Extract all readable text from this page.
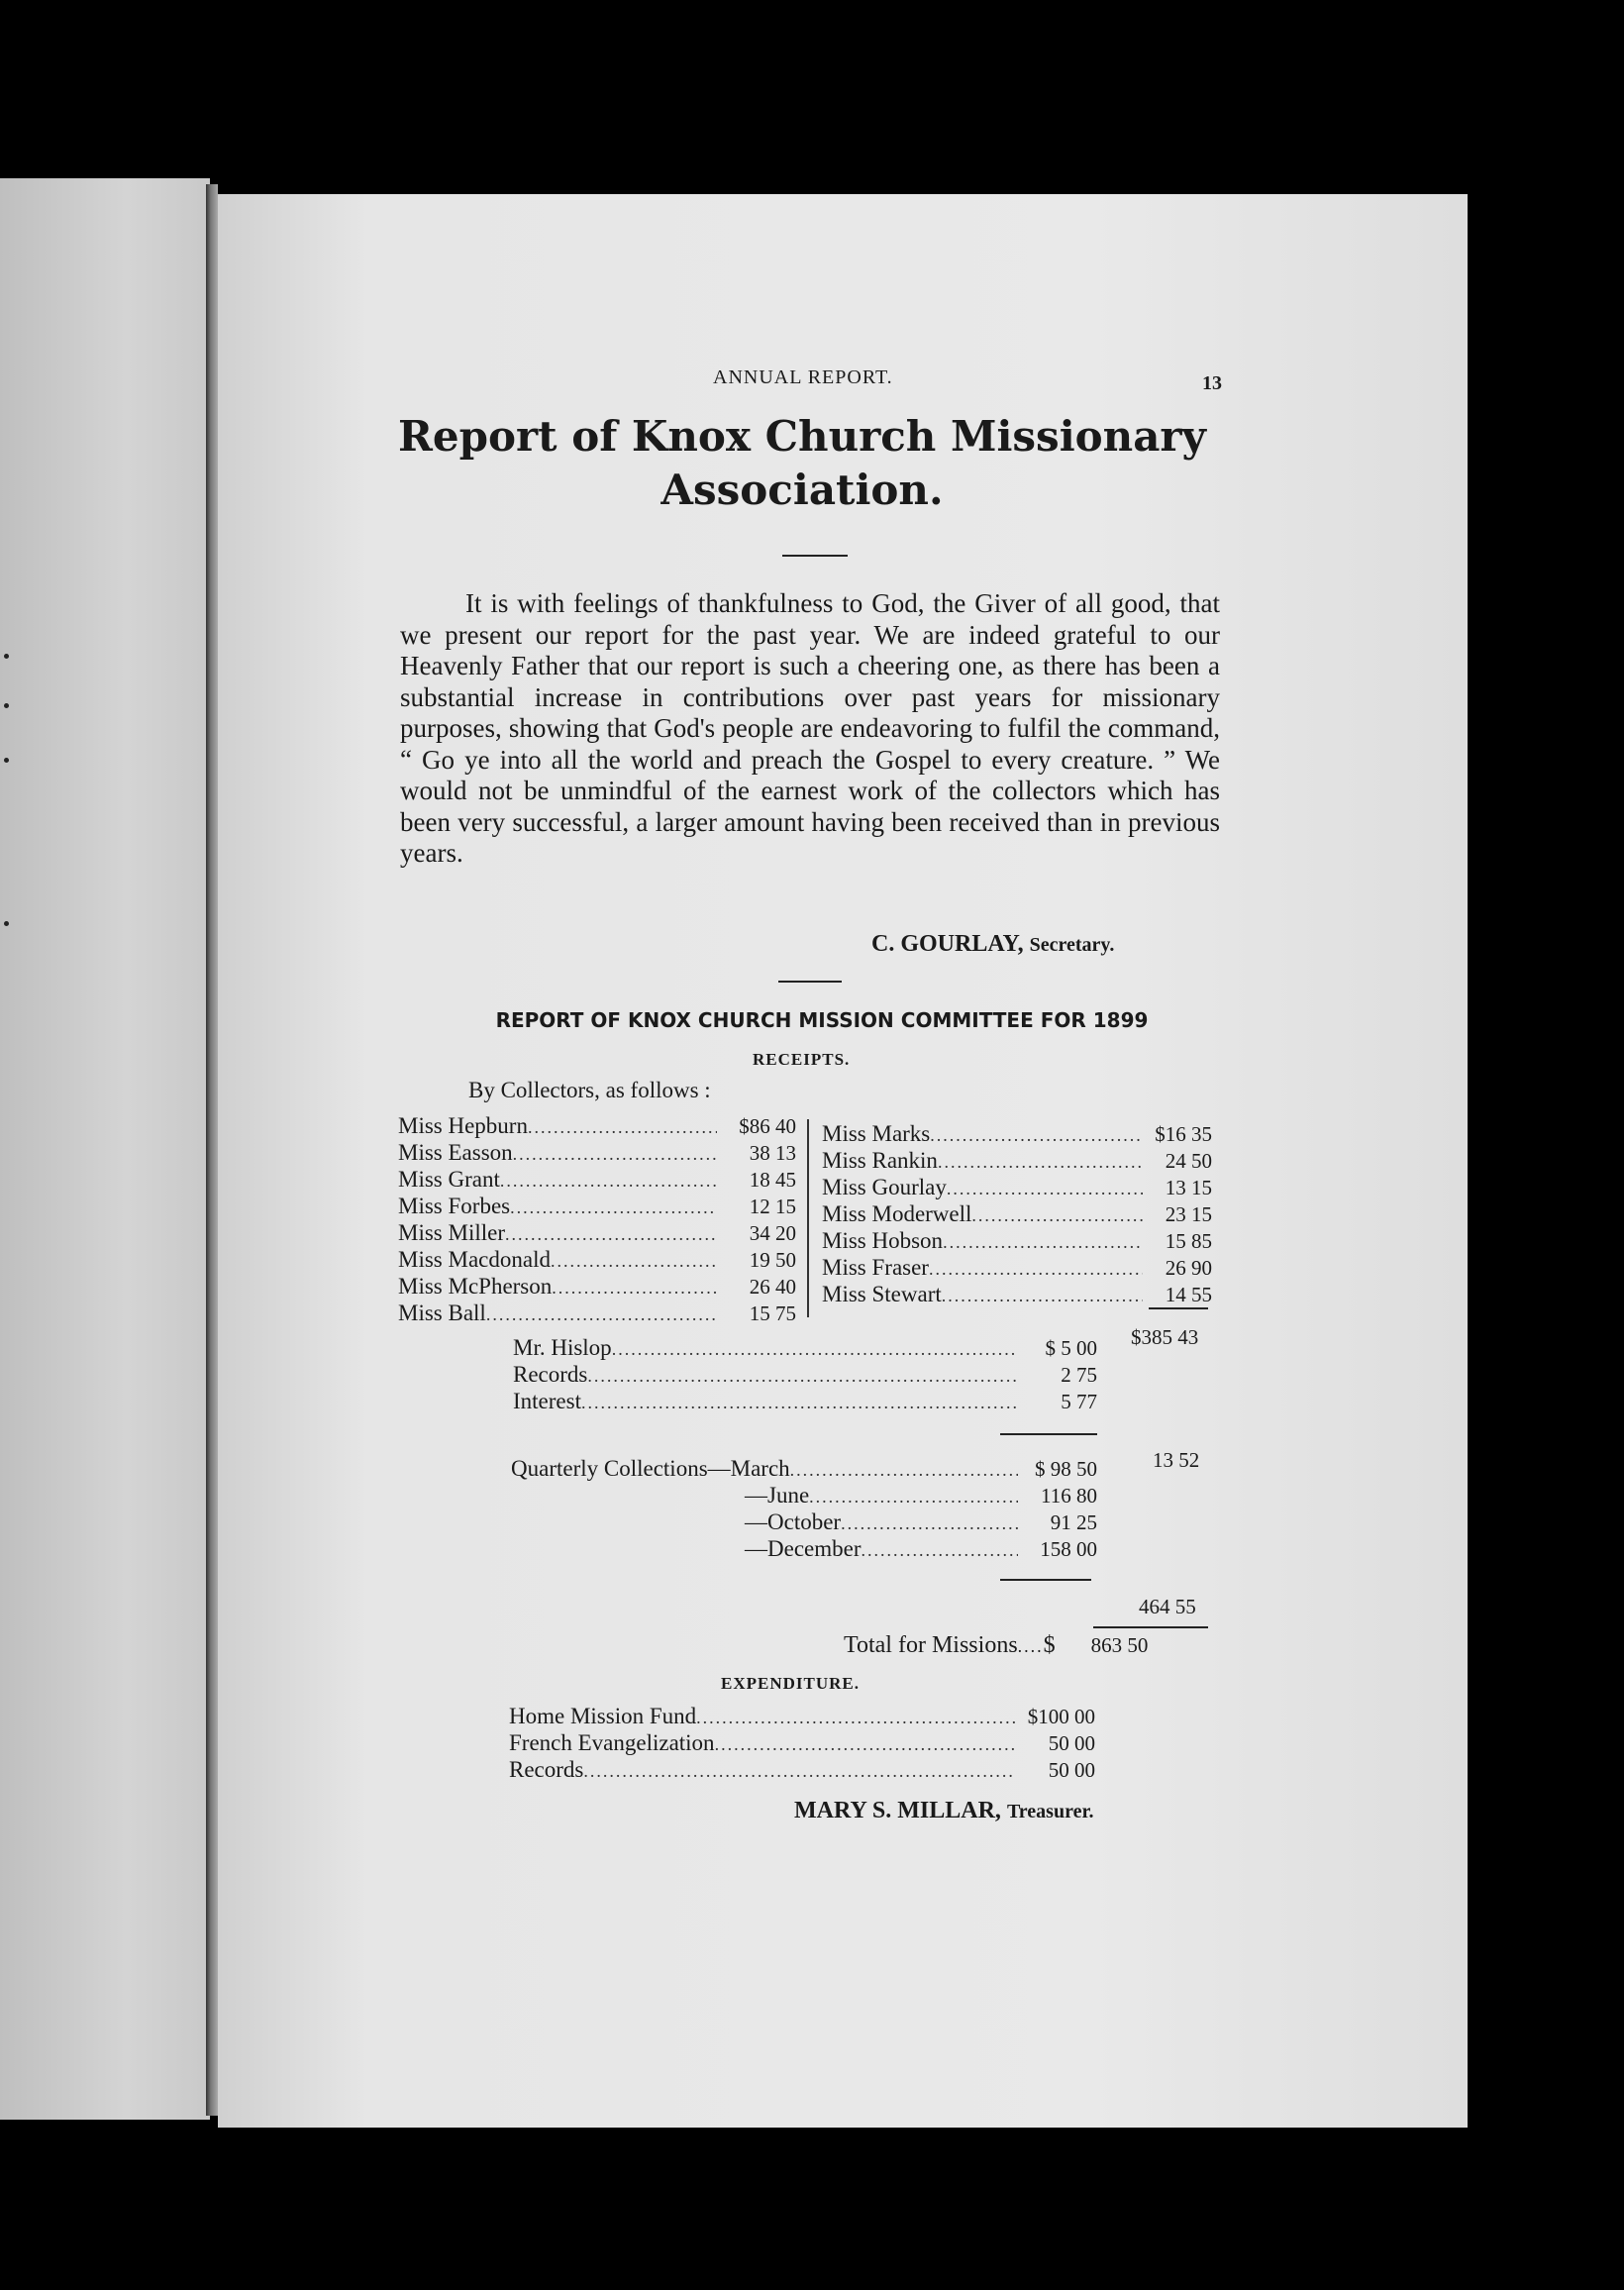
ANNUAL REPORT.	13
Report of Knox Church Missionary
Association.
It is with feelings of thankfulness to God, the Giver of all good, that we present our report for the past year. We are indeed grateful to our Heavenly Father that our report is such a cheering one, as there has been a substantial increase in contributions over past years for missionary purposes, showing that God's people are endeavoring to fulfil the command, “ Go ye into all the world and preach the Gospel to every creature. ” We would not be unmindful of the earnest work of the collectors which has been very successful, a larger amount having been received than in previous years.
C. GOURLAY, Secretary.
REPORT OF KNOX CHURCH MISSION COMMITTEE FOR 1899
RECEIPTS.
By Collectors, as follows :
Miss Hepburn .....	$86 40
Miss Easson .....	38 13
Miss Grant .....	18 45
Miss Forbes .....	12 15
Miss Miller .....	34 20
Miss Macdonald .....	19 50
Miss McPherson .....	26 40
Miss Ball .....	15 75
Miss Marks .....	$16 35
Miss Rankin .....	24 50
Miss Gourlay .....	13 15
Miss Moderwell .....	23 15
Miss Hobson .....	15 85
Miss Fraser .....	26 90
Miss Stewart .....	14 55
$385 43
Mr. Hislop .....	$ 5 00
Records .....	2 75
Interest .....	5 77
13 52
Quarterly Collections—March .....	$ 98 50
—June .....	116 80
—October .....	91 25
—December .....	158 00
464 55
Total for Missions .... $ 863 50
EXPENDITURE.
Home Mission Fund .....	$100 00
French Evangelization .....	50 00
Records .....	50 00
MARY S. MILLAR, Treasurer.
